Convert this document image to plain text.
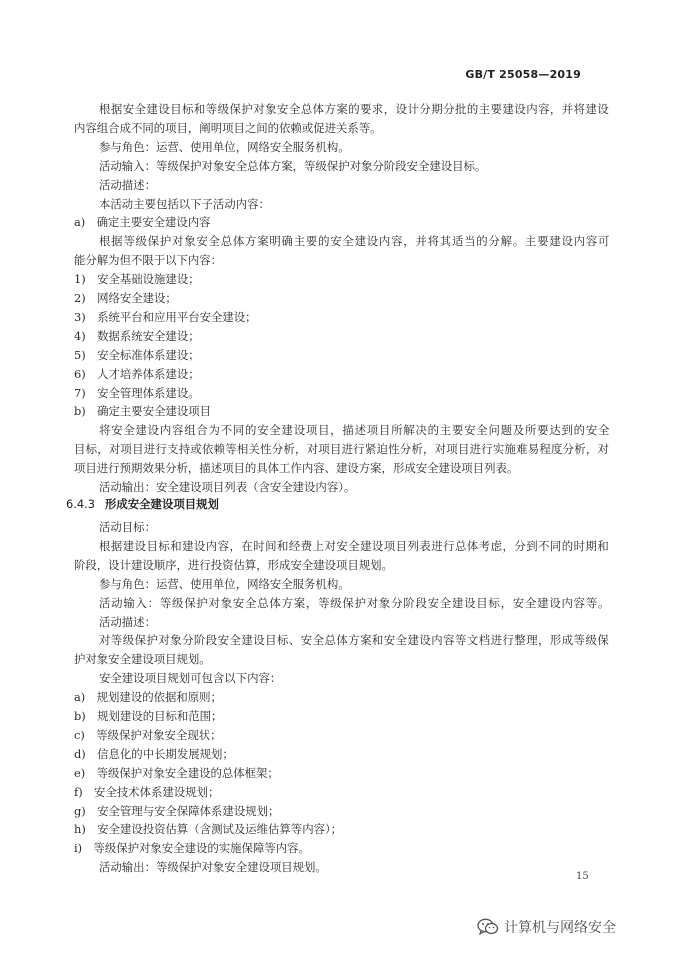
GB/T 25058—2019
根据安全建设目标和等级保护对象安全总体方案的要求，设计分期分批的主要建设内容，并将建设
内容组合成不同的项目，阐明项目之间的依赖或促进关系等。
参与角色：运营、使用单位，网络安全服务机构。
活动输入：等级保护对象安全总体方案，等级保护对象分阶段安全建设目标。
活动描述：
本活动主要包括以下子活动内容：
a)　确定主要安全建设内容
根据等级保护对象安全总体方案明确主要的安全建设内容，并将其适当的分解。主要建设内容可
能分解为但不限于以下内容：
1)　安全基础设施建设；
2)　网络安全建设；
3)　系统平台和应用平台安全建设；
4)　数据系统安全建设；
5)　安全标准体系建设；
6)　人才培养体系建设；
7)　安全管理体系建设。
b)　确定主要安全建设项目
将安全建设内容组合为不同的安全建设项目，描述项目所解决的主要安全问题及所要达到的安全
目标，对项目进行支持或依赖等相关性分析，对项目进行紧迫性分析，对项目进行实施难易程度分析，对
项目进行预期效果分析，描述项目的具体工作内容、建设方案，形成安全建设项目列表。
活动输出：安全建设项目列表（含安全建设内容）。
6.4.3 形成安全建设项目规划
活动目标：
根据建设目标和建设内容，在时间和经费上对安全建设项目列表进行总体考虑，分到不同的时期和
阶段，设计建设顺序，进行投资估算，形成安全建设项目规划。
参与角色：运营、使用单位，网络安全服务机构。
活动输入：等级保护对象安全总体方案，等级保护对象分阶段安全建设目标，安全建设内容等。
活动描述：
对等级保护对象分阶段安全建设目标、安全总体方案和安全建设内容等文档进行整理，形成等级保
护对象安全建设项目规划。
安全建设项目规划可包含以下内容：
a)　规划建设的依据和原则；
b)　规划建设的目标和范围；
c)　等级保护对象安全现状；
d)　信息化的中长期发展规划；
e)　等级保护对象安全建设的总体框架；
f)　安全技术体系建设规划；
g)　安全管理与安全保障体系建设规划；
h)　安全建设投资估算（含测试及运维估算等内容）；
i)　等级保护对象安全建设的实施保障等内容。
活动输出：等级保护对象安全建设项目规划。
15
计算机与网络安全
